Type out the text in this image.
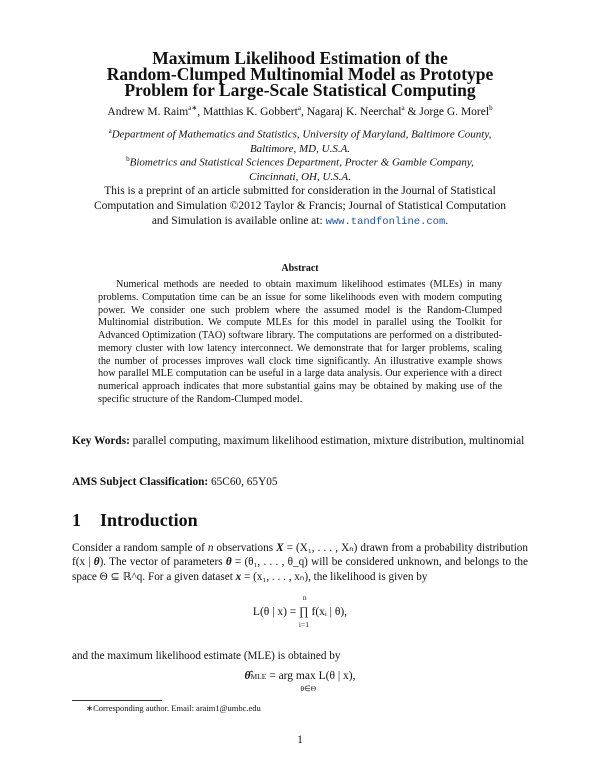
Maximum Likelihood Estimation of the
Random-Clumped Multinomial Model as Prototype
Problem for Large-Scale Statistical Computing
Andrew M. Raim$^{a∗}$, Matthias K. Gobbert$^a$, Nagaraj K. Neerchal$^a$ & Jorge G. Morel$^b$
$^a$Department of Mathematics and Statistics, University of Maryland, Baltimore County,
Baltimore, MD, U.S.A.
$^b$Biometrics and Statistical Sciences Department, Procter & Gamble Company,
Cincinnati, OH, U.S.A.
This is a preprint of an article submitted for consideration in the Journal of Statistical
Computation and Simulation ©2012 Taylor & Francis; Journal of Statistical Computation
and Simulation is available online at: www.tandfonline.com.
Abstract
Numerical methods are needed to obtain maximum likelihood estimates (MLEs) in many problems. Computation time can be an issue for some likelihoods even with modern computing power. We consider one such problem where the assumed model is the Random-Clumped Multinomial distribution. We compute MLEs for this model in parallel using the Toolkit for Advanced Optimization (TAO) software library. The computations are performed on a distributed-memory cluster with low latency interconnect. We demonstrate that for larger problems, scaling the number of processes improves wall clock time significantly. An illustrative example shows how parallel MLE computation can be useful in a large data analysis. Our experience with a direct numerical approach indicates that more substantial gains may be obtained by making use of the specific structure of the Random-Clumped model.
Key Words: parallel computing, maximum likelihood estimation, mixture distribution, multinomial
AMS Subject Classification: 65C60, 65Y05
1 Introduction
Consider a random sample of n observations X = (X₁, . . . , Xₙ) drawn from a probability distribution f(x | θ). The vector of parameters θ = (θ₁, . . . , θ_q) will be considered unknown, and belongs to the space Θ ⊆ ℝ^q. For a given dataset x = (x₁, . . . , xₙ), the likelihood is given by
n
L(θ | x) = ∏ f(xᵢ | θ),
i=1
and the maximum likelihood estimate (MLE) is obtained by
θ̂MLE = arg max L(θ | x),
θ∈Θ
∗Corresponding author. Email: araim1@umbc.edu
1
